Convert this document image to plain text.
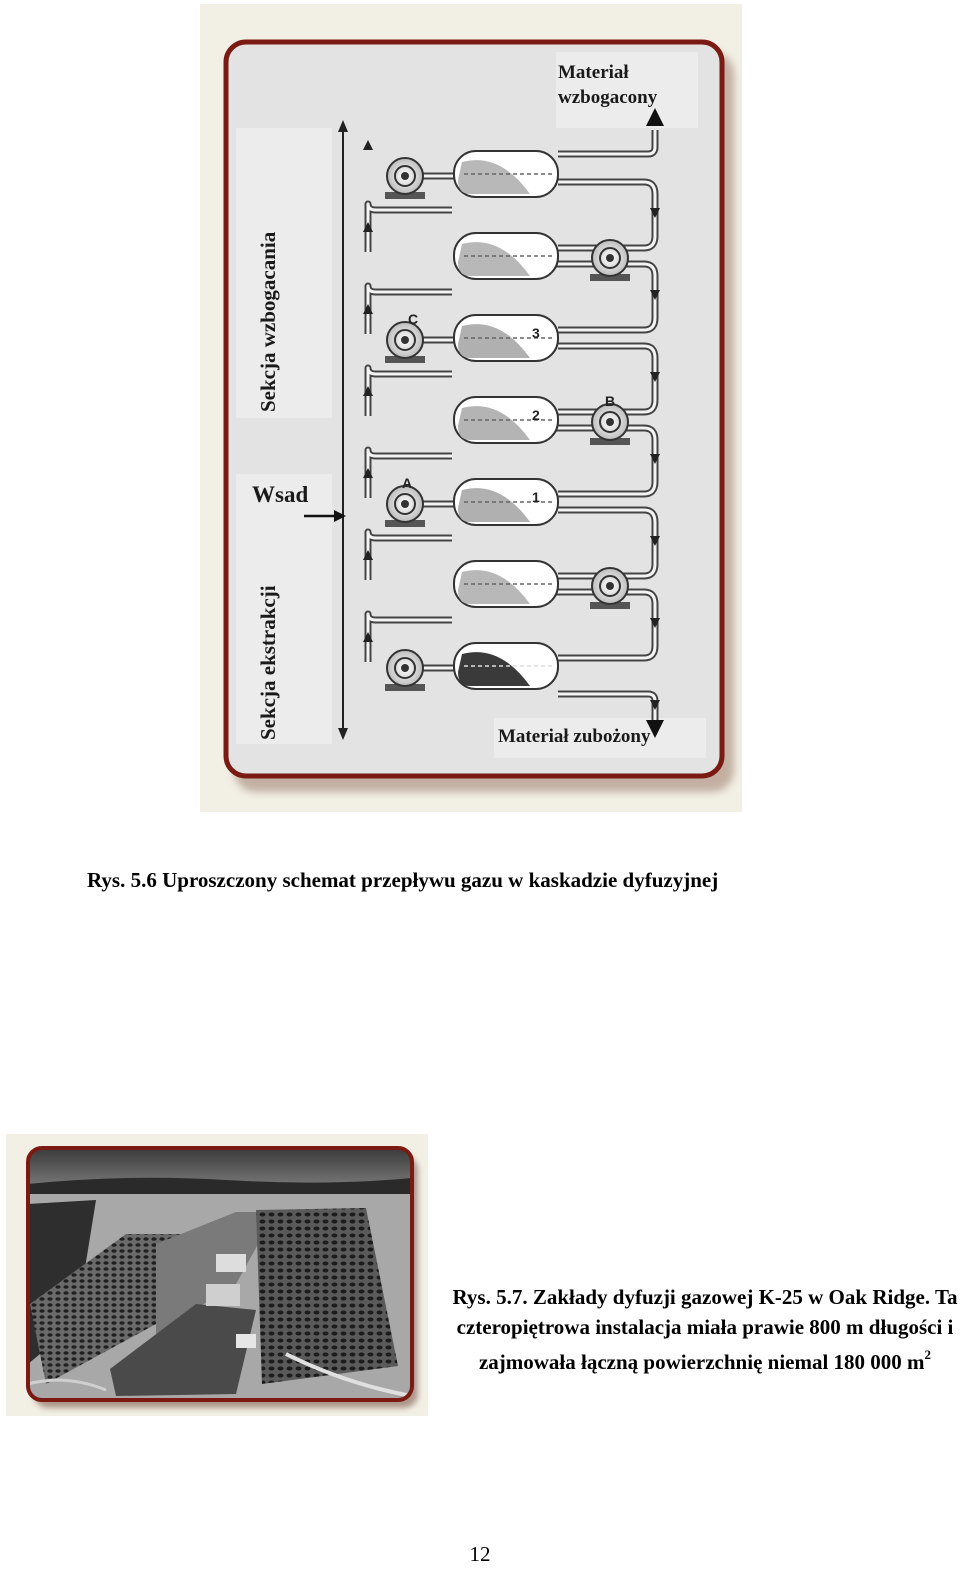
C
B
A
3
2
1
Materiał wzbogacony
Materiał zubożony
Wsad
Sekcja wzbogacania
Sekcja ekstrakcji
Rys. 5.6 Uproszczony schemat przepływu gazu w kaskadzie dyfuzyjnej
Rys. 5.7. Zakłady dyfuzji gazowej K-25 w Oak Ridge. Ta czteropiętrowa instalacja miała prawie 800 m długości i zajmowała łączną powierzchnię niemal 180 000 $m^2$
12
